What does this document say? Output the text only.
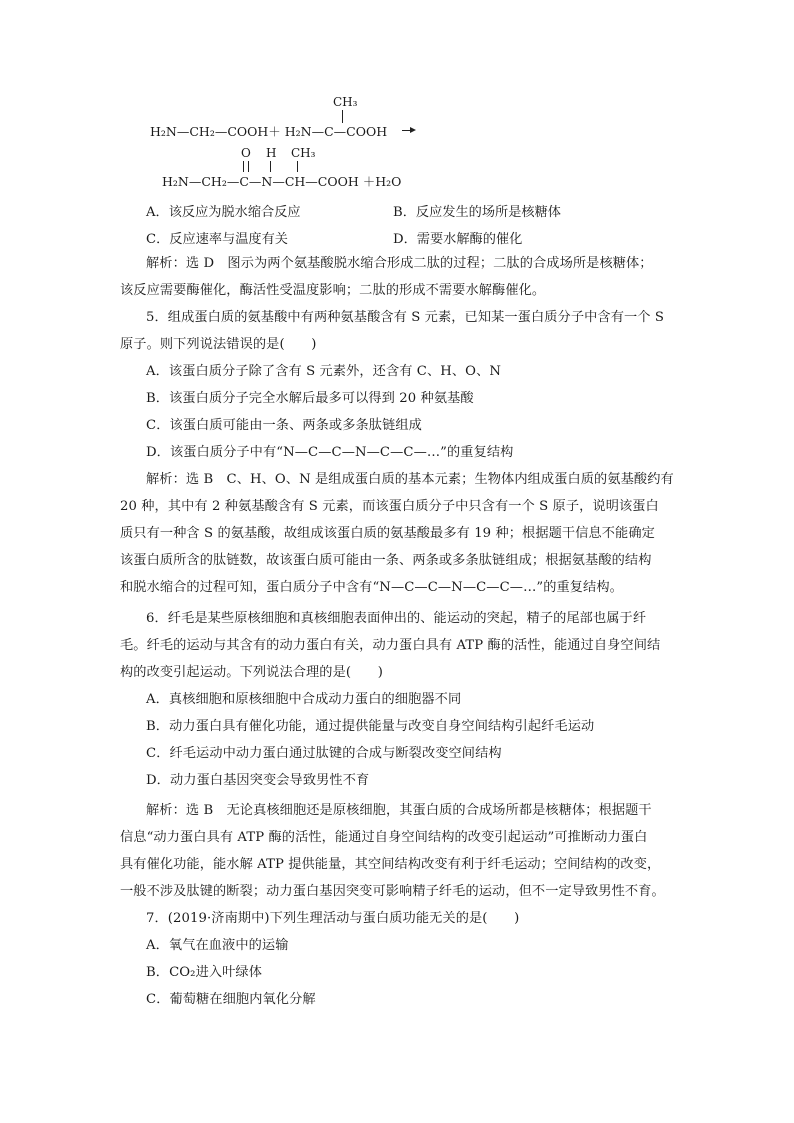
CH₃
H₂N—CH₂—COOH＋ H₂N—C—COOH
O H CH₃
H₂N—CH₂—C—N—CH—COOH ＋H₂O
A．该反应为脱水缩合反应	B．反应发生的场所是核糖体
C．反应速率与温度有关	D．需要水解酶的催化
解析：选 D　图示为两个氨基酸脱水缩合形成二肽的过程；二肽的合成场所是核糖体；
该反应需要酶催化，酶活性受温度影响；二肽的形成不需要水解酶催化。
5．组成蛋白质的氨基酸中有两种氨基酸含有 S 元素，已知某一蛋白质分子中含有一个 S
原子。则下列说法错误的是(　　)
A．该蛋白质分子除了含有 S 元素外，还含有 C、H、O、N
B．该蛋白质分子完全水解后最多可以得到 20 种氨基酸
C．该蛋白质可能由一条、两条或多条肽链组成
D．该蛋白质分子中有“N—C—C—N—C—C—…”的重复结构
解析：选 B　C、H、O、N 是组成蛋白质的基本元素；生物体内组成蛋白质的氨基酸约有
20 种，其中有 2 种氨基酸含有 S 元素，而该蛋白质分子中只含有一个 S 原子，说明该蛋白
质只有一种含 S 的氨基酸，故组成该蛋白质的氨基酸最多有 19 种；根据题干信息不能确定
该蛋白质所含的肽链数，故该蛋白质可能由一条、两条或多条肽链组成；根据氨基酸的结构
和脱水缩合的过程可知，蛋白质分子中含有“N—C—C—N—C—C—…”的重复结构。
6．纤毛是某些原核细胞和真核细胞表面伸出的、能运动的突起，精子的尾部也属于纤
毛。纤毛的运动与其含有的动力蛋白有关，动力蛋白具有 ATP 酶的活性，能通过自身空间结
构的改变引起运动。下列说法合理的是(　　)
A．真核细胞和原核细胞中合成动力蛋白的细胞器不同
B．动力蛋白具有催化功能，通过提供能量与改变自身空间结构引起纤毛运动
C．纤毛运动中动力蛋白通过肽键的合成与断裂改变空间结构
D．动力蛋白基因突变会导致男性不育
解析：选 B　无论真核细胞还是原核细胞，其蛋白质的合成场所都是核糖体；根据题干
信息“动力蛋白具有 ATP 酶的活性，能通过自身空间结构的改变引起运动”可推断动力蛋白
具有催化功能，能水解 ATP 提供能量，其空间结构改变有利于纤毛运动；空间结构的改变，
一般不涉及肽键的断裂；动力蛋白基因突变可影响精子纤毛的运动，但不一定导致男性不育。
7．(2019·济南期中)下列生理活动与蛋白质功能无关的是(　　)
A．氧气在血液中的运输
B．CO₂进入叶绿体
C．葡萄糖在细胞内氧化分解
